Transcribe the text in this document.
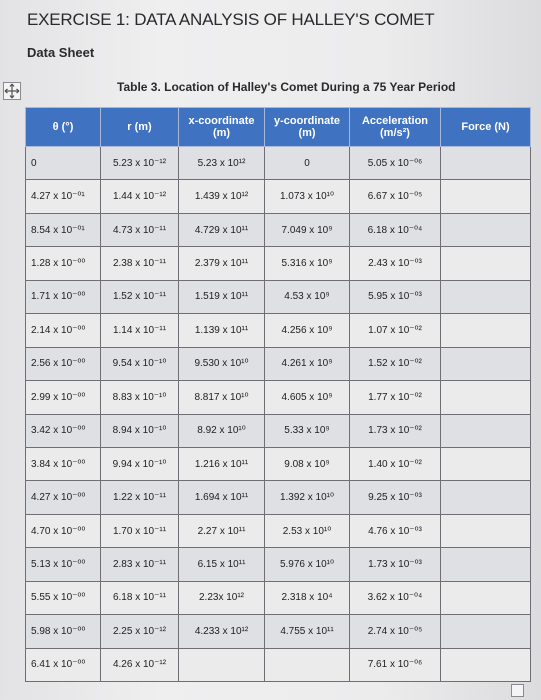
EXERCISE 1: DATA ANALYSIS OF HALLEY'S COMET
Data Sheet
Table 3. Location of Halley's Comet During a 75 Year Period
θ (°)	r (m)	x-coordinate (m)	y-coordinate (m)	Acceleration (m/s²)	Force (N)
0	5.23 x 10⁻¹²	5.23 x 10¹²	0	5.05 x 10⁻⁰⁶	
4.27 x 10⁻⁰¹	1.44 x 10⁻¹²	1.439 x 10¹²	1.073 x 10¹⁰	6.67 x 10⁻⁰⁵	
8.54 x 10⁻⁰¹	4.73 x 10⁻¹¹	4.729 x 10¹¹	7.049 x 10⁹	6.18 x 10⁻⁰⁴	
1.28 x 10⁻⁰⁰	2.38 x 10⁻¹¹	2.379 x 10¹¹	5.316 x 10⁹	2.43 x 10⁻⁰³	
1.71 x 10⁻⁰⁰	1.52 x 10⁻¹¹	1.519 x 10¹¹	4.53 x 10⁹	5.95 x 10⁻⁰³	
2.14 x 10⁻⁰⁰	1.14 x 10⁻¹¹	1.139 x 10¹¹	4.256 x 10⁹	1.07 x 10⁻⁰²	
2.56 x 10⁻⁰⁰	9.54 x 10⁻¹⁰	9.530 x 10¹⁰	4.261 x 10⁹	1.52 x 10⁻⁰²	
2.99 x 10⁻⁰⁰	8.83 x 10⁻¹⁰	8.817 x 10¹⁰	4.605 x 10⁹	1.77 x 10⁻⁰²	
3.42 x 10⁻⁰⁰	8.94 x 10⁻¹⁰	8.92 x 10¹⁰	5.33 x 10⁹	1.73 x 10⁻⁰²	
3.84 x 10⁻⁰⁰	9.94 x 10⁻¹⁰	1.216 x 10¹¹	9.08 x 10⁹	1.40 x 10⁻⁰²	
4.27 x 10⁻⁰⁰	1.22 x 10⁻¹¹	1.694 x 10¹¹	1.392 x 10¹⁰	9.25 x 10⁻⁰³	
4.70 x 10⁻⁰⁰	1.70 x 10⁻¹¹	2.27 x 10¹¹	2.53 x 10¹⁰	4.76 x 10⁻⁰³	
5.13 x 10⁻⁰⁰	2.83 x 10⁻¹¹	6.15 x 10¹¹	5.976 x 10¹⁰	1.73 x 10⁻⁰³	
5.55 x 10⁻⁰⁰	6.18 x 10⁻¹¹	2.23x 10¹²	2.318 x 10⁴	3.62 x 10⁻⁰⁴	
5.98 x 10⁻⁰⁰	2.25 x 10⁻¹²	4.233 x 10¹²	4.755 x 10¹¹	2.74 x 10⁻⁰⁵	
6.41 x 10⁻⁰⁰	4.26 x 10⁻¹²			7.61 x 10⁻⁰⁶	
